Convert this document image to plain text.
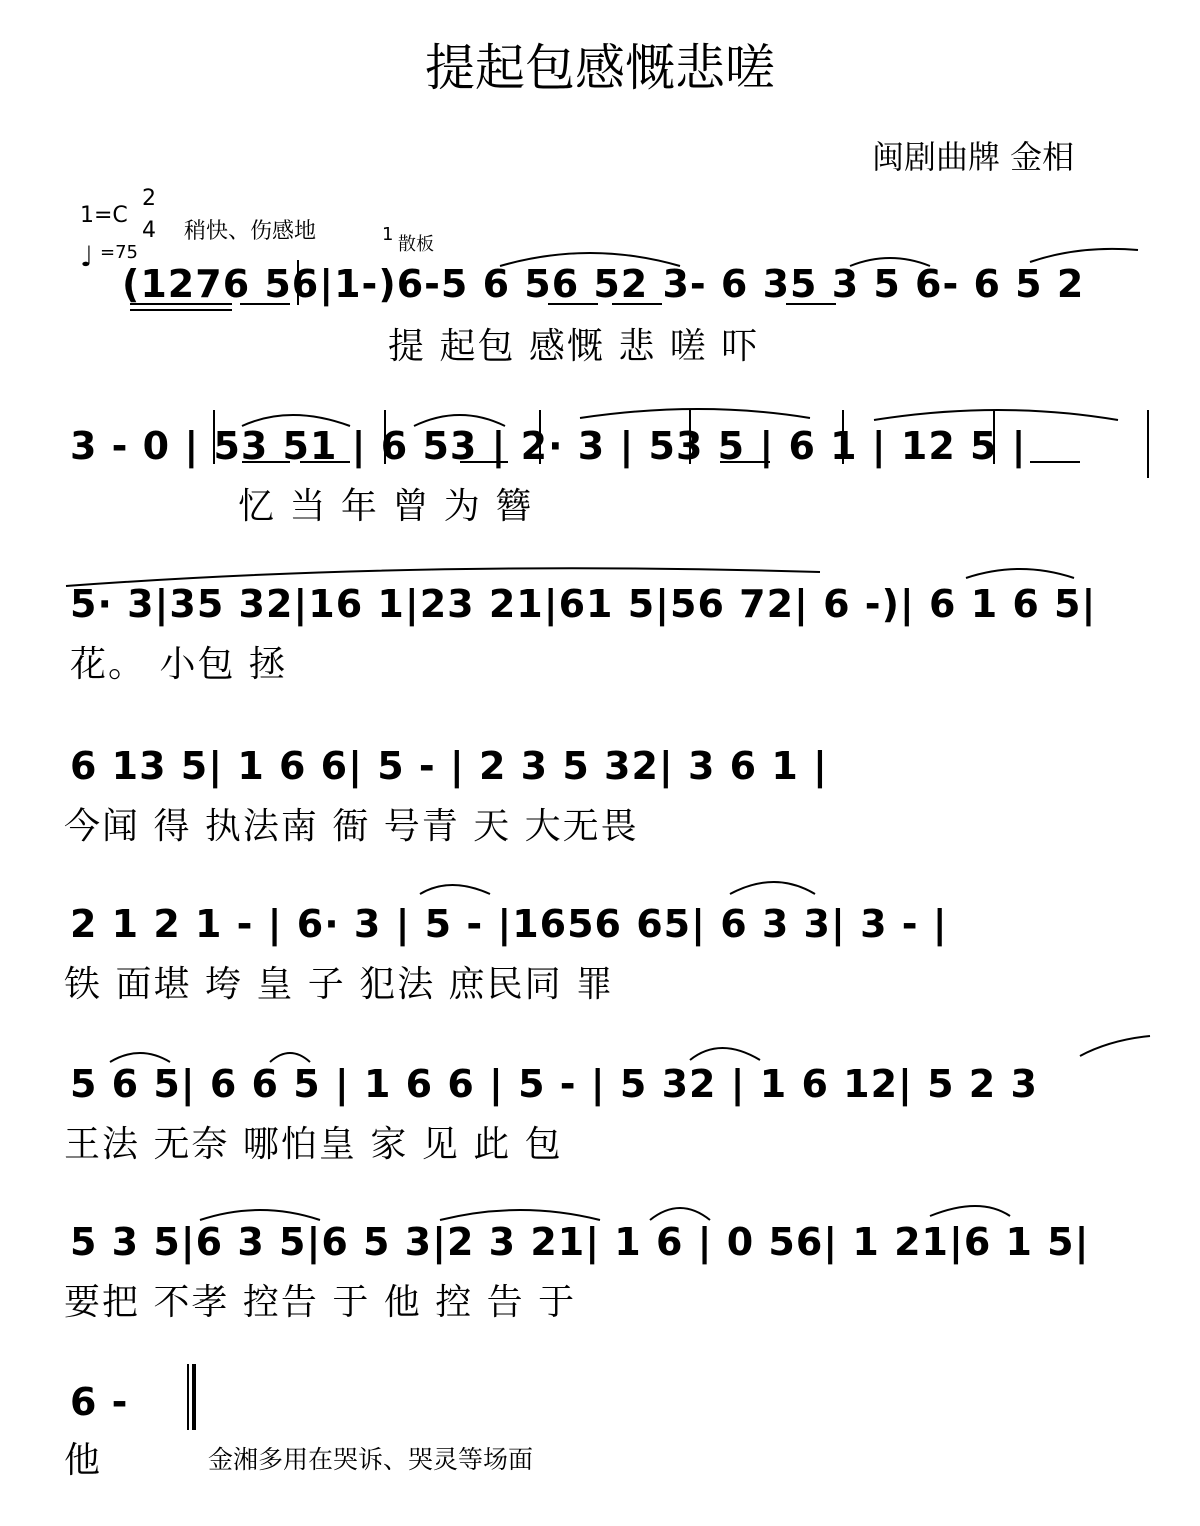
提起包感慨悲嗟
闽剧曲牌 金相
1=C
2
4 稍快、伤感地
=75
♩
1 散板
(1276 56|1-)6-5 6 56 52 3- 6 35 3 5 6- 6 5 2
提 起包 感慨 悲 嗟 吓
3 - 0 | 53 51 | 6 53 | 2· 3 | 53 5 | 6 1 | 12 5 |
忆 当 年 曾 为 簪
5· 3|35 32|16 1|23 21|61 5|56 72| 6 -)| 6 1 6 5|
花。 小包 拯
6 13 5| 1 6 6| 5 - | 2 3 5 32| 3 6 1 |
今闻 得 执法南 衙 号青 天 大无畏
2 1 2 1 - | 6· 3 | 5 - |1656 65| 6 3 3| 3 - |
铁 面堪 垮 皇 子 犯法 庶民同 罪
5 6 5| 6 6 5 | 1 6 6 | 5 - | 5 32 | 1 6 12| 5 2 3
王法 无奈 哪怕皇 家 见 此 包
5 3 5|6 3 5|6 5 3|2 3 21| 1 6 | 0 56| 1 21|6 1 5|
要把 不孝 控告 于 他 控 告 于
6 -
他	金湘多用在哭诉、哭灵等场面
